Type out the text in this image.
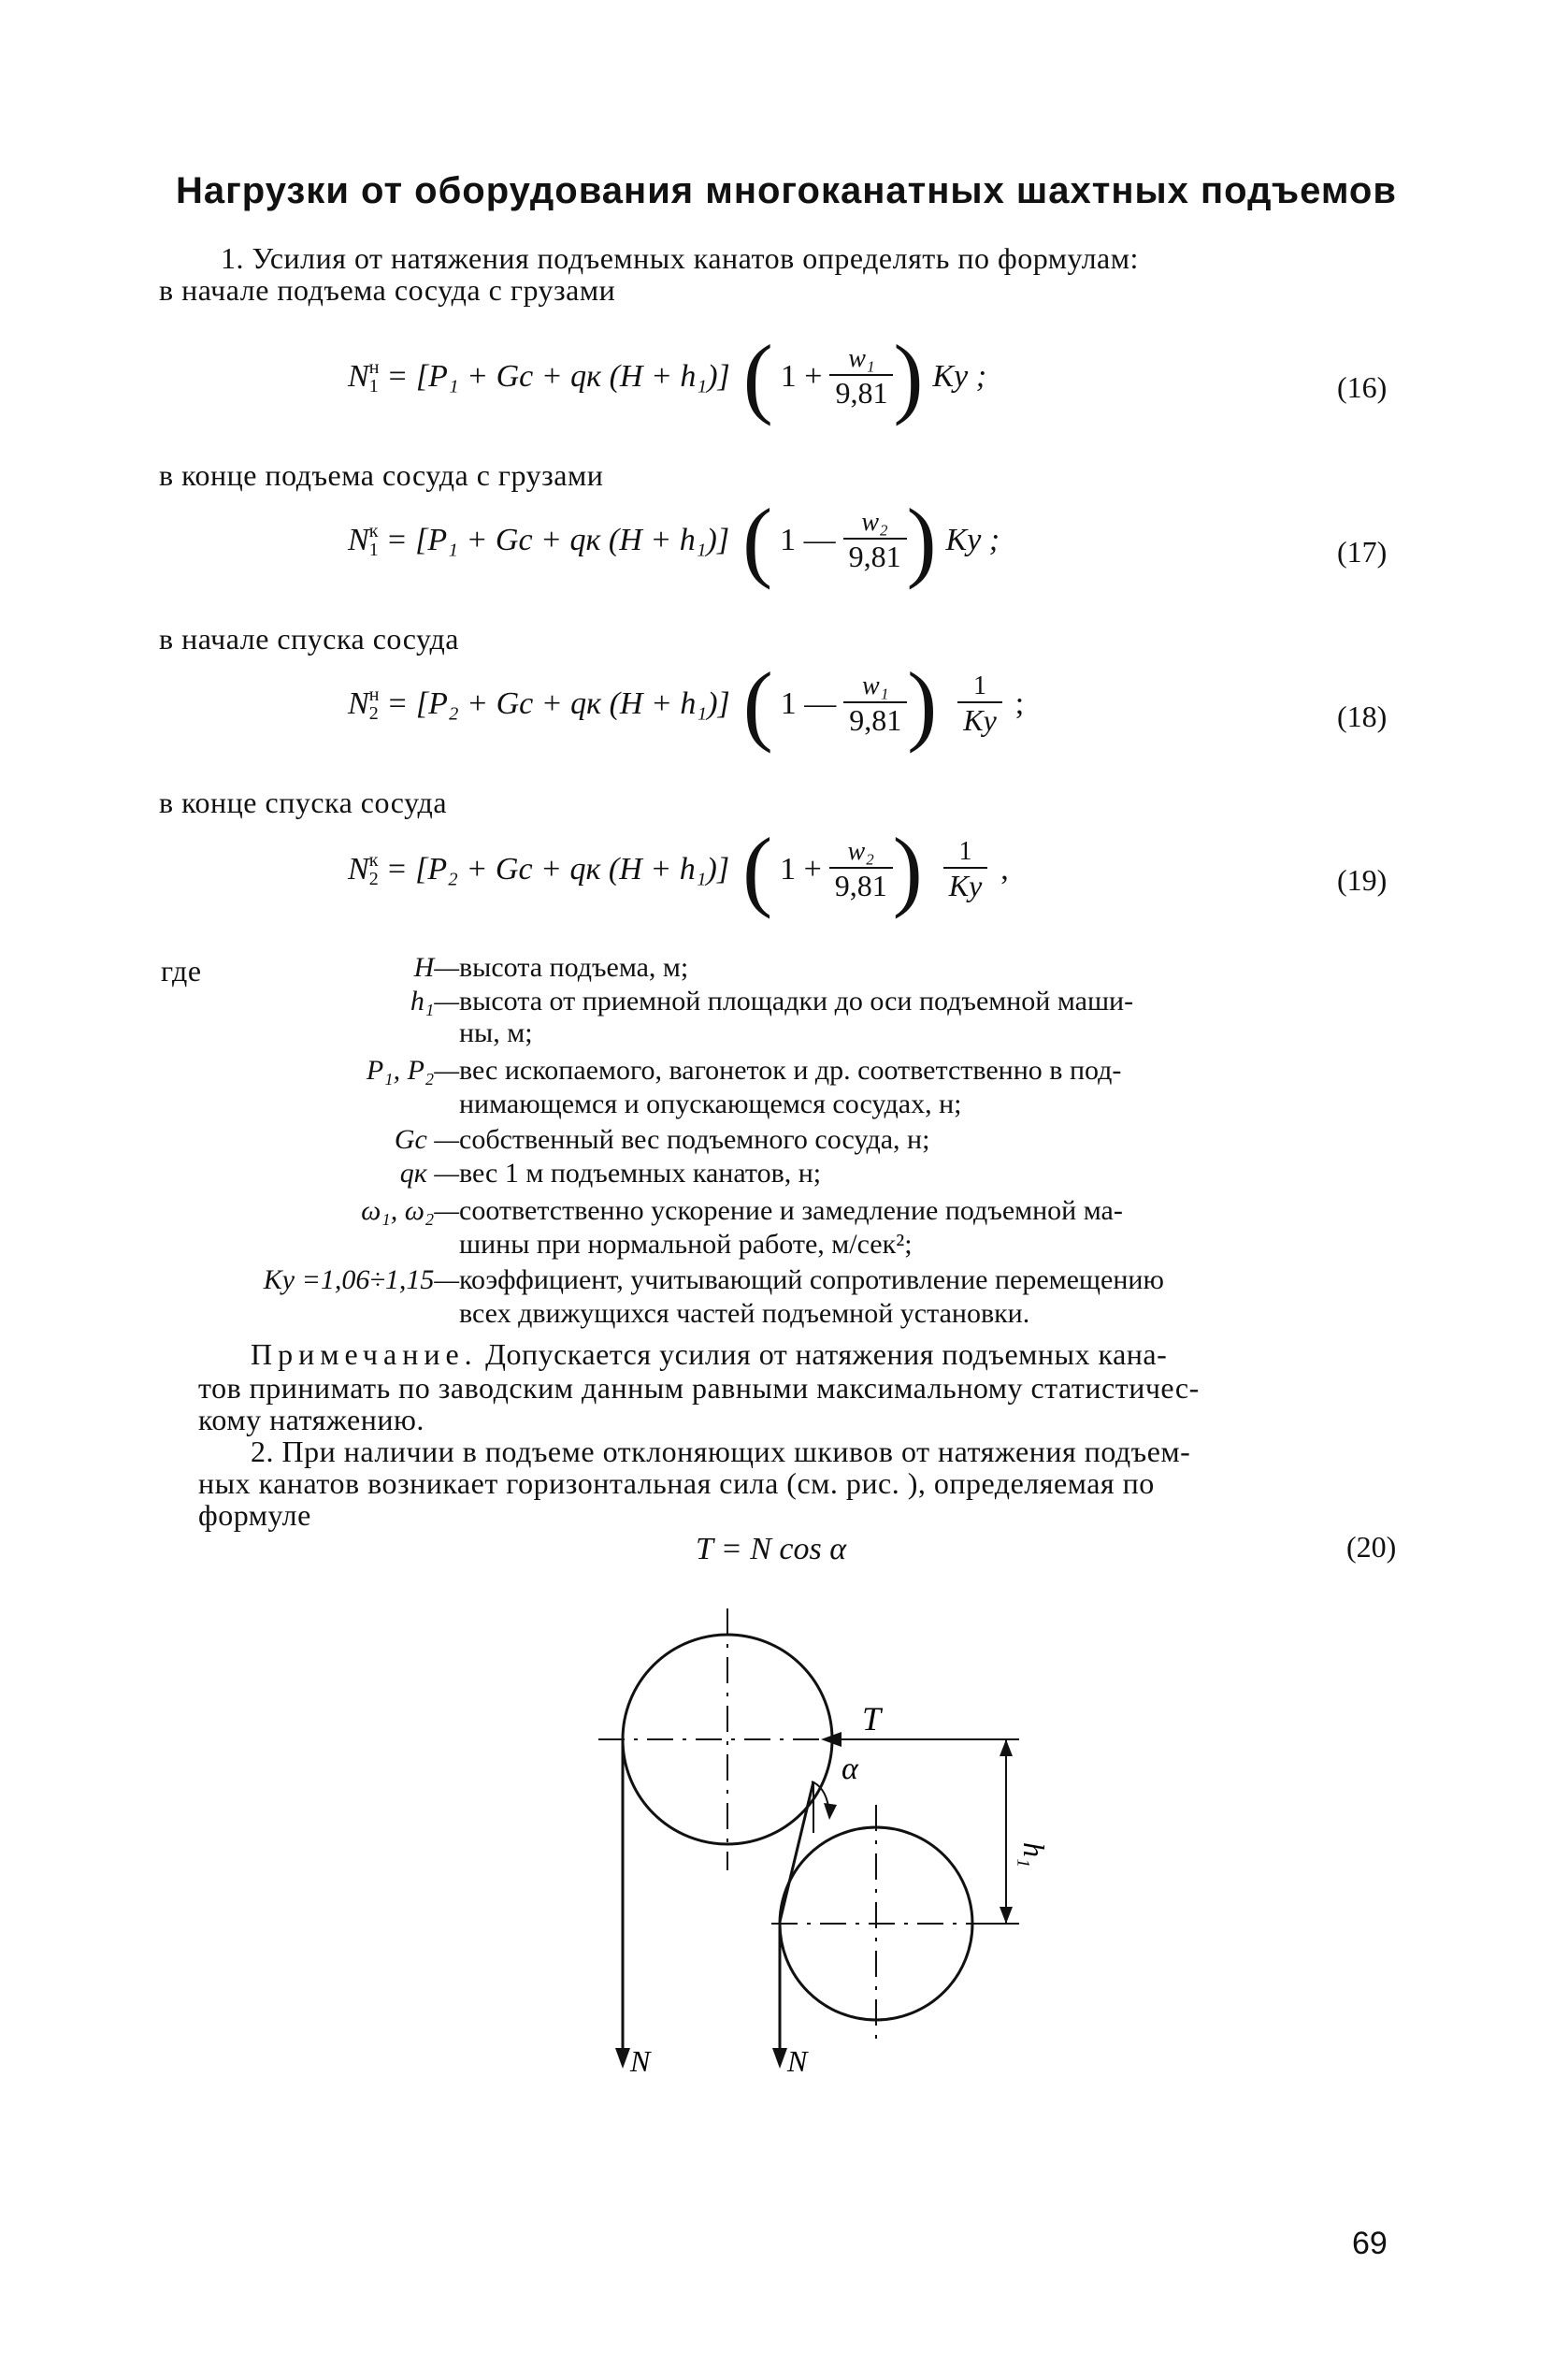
Нагрузки от оборудования многоканатных шахтных подъемов
1. Усилия от натяжения подъемных канатов определять по формулам:
в начале подъема сосуда с грузами
N н
1 = [P₁ + Gс + qк (H + h₁)] ( $1 + \frac{\text{w₁}}{9,81}$ ) Kу ;	(16)
в конце подъема сосуда с грузами
N к
1 = [P₁ + Gс + qк (H + h₁)] ( 1 — $\frac{\text{w₂}}{9,81}$ ) Kу ;	(17)
в начале спуска сосуда
N н
2 = [P₂ + Gс + qк (H + h₁)] ( 1 — $\frac{\text{w₁}}{9,81}$ ) $\frac{1}{Kу}$ ;	(18)
в конце спуска сосуда
N к
2 = [P₂ + Gс + qк (H + h₁)] ( $1 + \frac{\text{w₂}}{9,81}$ ) $\frac{1}{Kу}$ ,	(19)
где	H— высота подъема, м;
h₁— высота от приемной площадки до оси подъемной маши-
ны, м;
P₁, P₂— вес ископаемого, вагонеток и др. соответственно в под-
нимающемся и опускающемся сосудах, н;
Gс — собственный вес подъемного сосуда, н;
qк — вес 1 м подъемных канатов, н;
ω₁, ω₂— соответственно ускорение и замедление подъемной ма-
шины при нормальной работе, м/сек²;
Kу =1,06÷1,15— коэффициент, учитывающий сопротивление перемещению
всех движущихся частей подъемной установки.
Примечание. Допускается усилия от натяжения подъемных кана-
тов принимать по заводским данным равными максимальному статистичес-
кому натяжению.
2. При наличии в подъеме отклоняющих шкивов от натяжения подъем-
ных канатов возникает горизонтальная сила (см. рис. ), определяемая по
формуле
T = N cos α	(20)
T
α
h₁
N	N
69
